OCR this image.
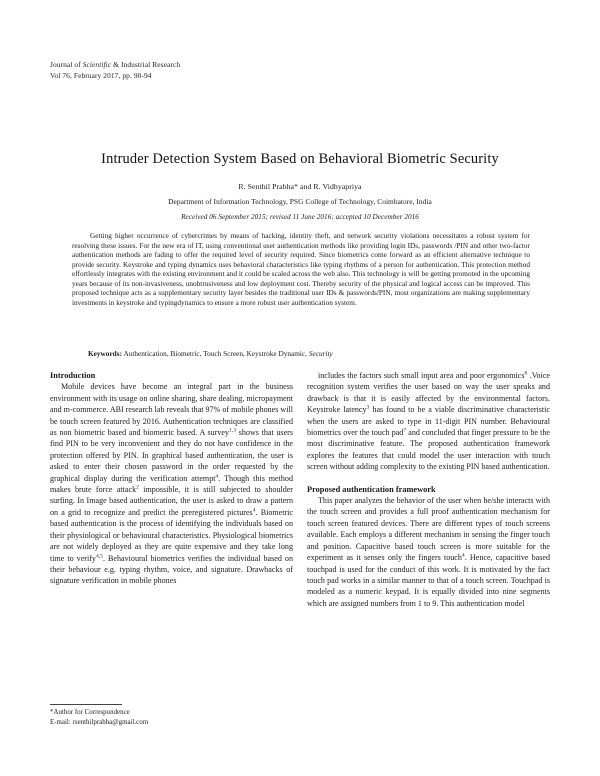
Journal of Scientific & Industrial Research
Vol 76, February 2017, pp. 90-94
Intruder Detection System Based on Behavioral Biometric Security
R. Senthil Prabha* and R. Vidhyapriya
Department of Information Technology, PSG College of Technology, Coimbatore, India
Received 06 September 2015; revised 11 June 2016; accepted 10 December 2016
Getting higher occurrence of cybercrimes by means of hacking, identity theft, and network security violations necessitates a robust system for resolving these issues. For the new era of IT, using conventional user authentication methods like providing login IDs, passwords /PIN and other two-factor authentication methods are fading to offer the required level of security required. Since biometrics come forward as an efficient alternative technique to provide security. Keystroke and typing dynamics uses behavioral characteristics like typing rhythms of a person for authentication. This protection method effortlessly integrates with the existing environment and it could be scaled across the web also. This technology is will be getting promoted in the upcoming years because of its non-invasiveness, unobtrusiveness and low deployment cost. Thereby security of the physical and logical access can be improved. This proposed technique acts as a supplementary security layer besides the traditional user IDs & passwords/PIN, most organizations are making supplementary investments in keystroke and typingdynamics to ensure a more robust user authentication system.
Keywords: Authentication, Biometric, Touch Screen, Keystroke Dynamic, Security
Introduction

Mobile devices have become an integral part in the business environment with its usage on online sharing, share dealing, micropayment and m-commerce. ABI research lab reveals that 97% of mobile phones will be touch screen featured by 2016. Authentication techniques are classified as non biometric based and biometric based. A survey$^{1,3}$ shows that users find PIN to be very inconvenient and they do not have confidence in the protection offered by PIN. In graphical based authentication, the user is asked to enter their chosen password in the order requested by the graphical display during the verification attempt$^4$. Though this method makes brute force attack$^2$ impossible, it is still subjected to shoulder surfing. In Image based authentication, the user is asked to draw a pattern on a grid to recognize and predict the preregistered pictures$^4$. Biometric based authentication is the process of identifying the individuals based on their physiological or behavioural characteristics. Physiological biometrics are not widely deployed as they are quite expensive and they take long time to verify$^{4,5}$. Behavioural biometrics verifies the individual based on their behaviour e.g. typing rhythm, voice, and signature. Drawbacks of signature verification in mobile phones

includes the factors such small input area and poor ergonomics$^6$ .Voice recognition system verifies the user based on way the user speaks and drawback is that it is easily affected by the environmental factors. Keystroke latency$^3$ has found to be a viable discriminative characteristic when the users are asked to type in 11-digit PIN number. Behavioural biometrics over the touch pad$^7$ and concluded that finger pressure to be the most discriminative feature. The proposed authentication framework explores the features that could model the user interaction with touch screen without adding complexity to the existing PIN based authentication.

Proposed authentication framework

This paper analyzes the behavior of the user when he/she interacts with the touch screen and provides a full proof authentication mechanism for touch screen featured devices. There are different types of touch screens available. Each employs a different mechanism in sensing the finger touch and position. Capacitive based touch screen is more suitable for the experiment as it senses only the fingers touch$^4$. Hence, capacitive based touchpad is used for the conduct of this work. It is motivated by the fact touch pad works in a similar manner to that of a touch screen. Touchpad is modeled as a numeric keypad. It is equally divided into nine segments which are assigned numbers from 1 to 9. This authentication model

*Author for Correspondence
E-mail: rsenthilprabha@gmail.com
